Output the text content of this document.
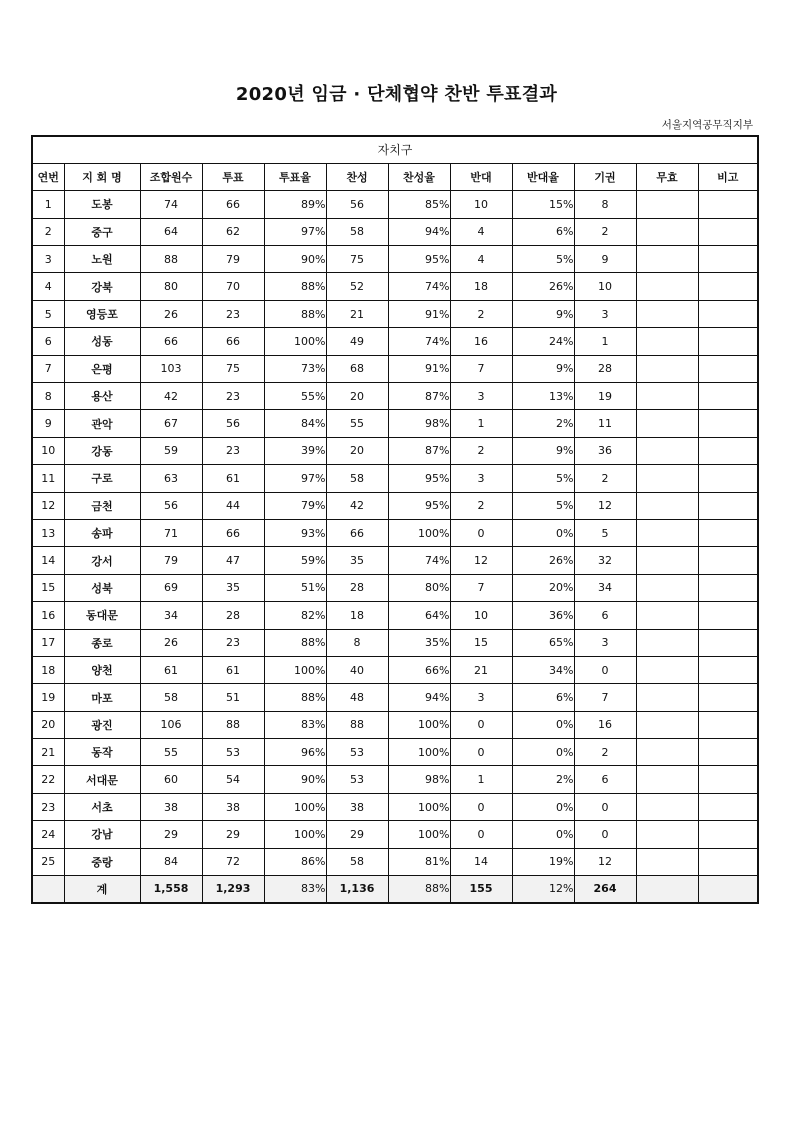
2020년 임금 · 단체협약 찬반 투표결과
서울지역공무직지부
자치구											
연번	지 회 명	조합원수	투표	투표율	찬성	찬성율	반대	반대율	기권	무효	비고
1	도봉	74	66	89%	56	85%	10	15%	8		
2	중구	64	62	97%	58	94%	4	6%	2		
3	노원	88	79	90%	75	95%	4	5%	9		
4	강북	80	70	88%	52	74%	18	26%	10		
5	영등포	26	23	88%	21	91%	2	9%	3		
6	성동	66	66	100%	49	74%	16	24%	1		
7	은평	103	75	73%	68	91%	7	9%	28		
8	용산	42	23	55%	20	87%	3	13%	19		
9	관악	67	56	84%	55	98%	1	2%	11		
10	강동	59	23	39%	20	87%	2	9%	36		
11	구로	63	61	97%	58	95%	3	5%	2		
12	금천	56	44	79%	42	95%	2	5%	12		
13	송파	71	66	93%	66	100%	0	0%	5		
14	강서	79	47	59%	35	74%	12	26%	32		
15	성북	69	35	51%	28	80%	7	20%	34		
16	동대문	34	28	82%	18	64%	10	36%	6		
17	종로	26	23	88%	8	35%	15	65%	3		
18	양천	61	61	100%	40	66%	21	34%	0		
19	마포	58	51	88%	48	94%	3	6%	7		
20	광진	106	88	83%	88	100%	0	0%	16		
21	동작	55	53	96%	53	100%	0	0%	2		
22	서대문	60	54	90%	53	98%	1	2%	6		
23	서초	38	38	100%	38	100%	0	0%	0		
24	강남	29	29	100%	29	100%	0	0%	0		
25	중랑	84	72	86%	58	81%	14	19%	12		
	계	1,558	1,293	83%	1,136	88%	155	12%	264		
